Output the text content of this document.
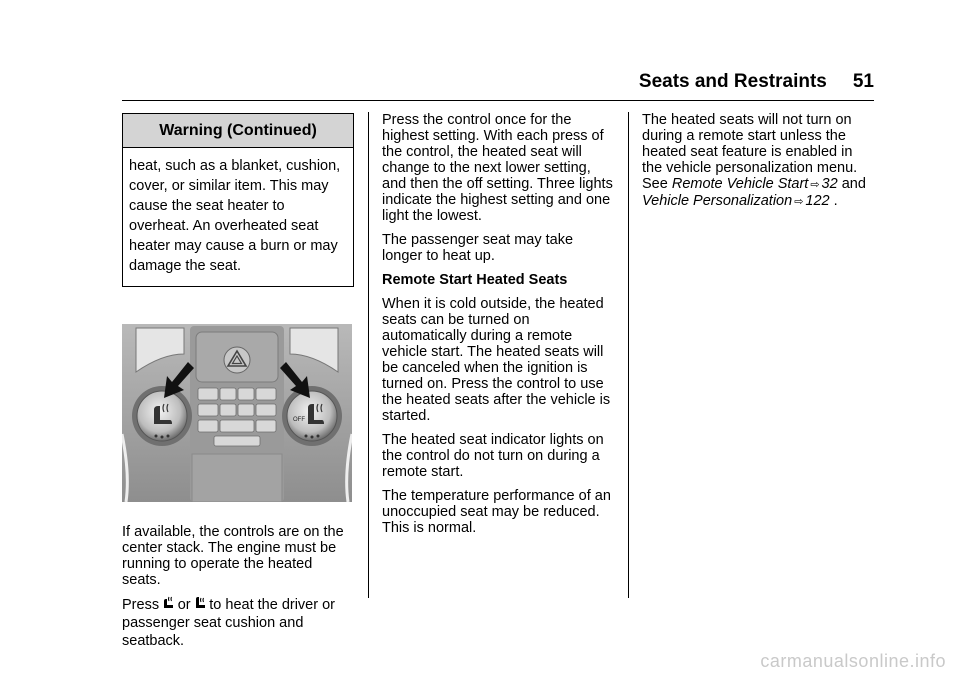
Seats and Restraints 51
Warning (Continued)
heat, such as a blanket, cushion, cover, or similar item. This may cause the seat heater to overheat. An overheated seat heater may cause a burn or may damage the seat.
OFF

If available, the controls are on the center stack. The engine must be running to operate the heated seats.

Press  or  to heat the driver or passenger seat cushion and seatback.

Press the control once for the highest setting. With each press of the control, the heated seat will change to the next lower setting, and then the off setting. Three lights indicate the highest setting and one light the lowest.

The passenger seat may take longer to heat up.

Remote Start Heated Seats

When it is cold outside, the heated seats can be turned on automatically during a remote vehicle start. The heated seats will be canceled when the ignition is turned on. Press the control to use the heated seats after the vehicle is started.

The heated seat indicator lights on the control do not turn on during a remote start.

The temperature performance of an unoccupied seat may be reduced. This is normal.

The heated seats will not turn on during a remote start unless the heated seat feature is enabled in the vehicle personalization menu. See Remote Vehicle Start ⇨ 32 and Vehicle Personalization ⇨ 122 .

carmanualsonline.info
